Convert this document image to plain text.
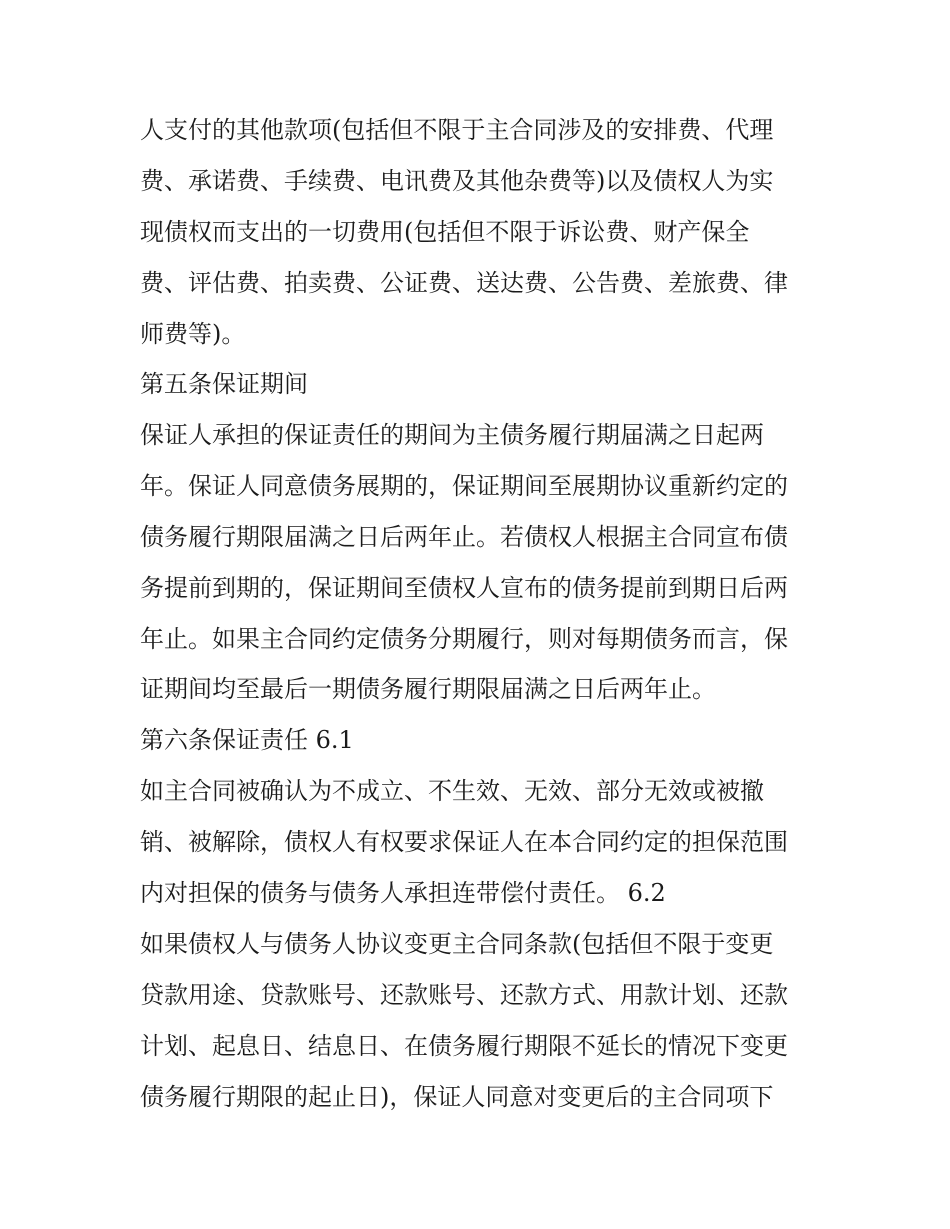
人支付的其他款项(包括但不限于主合同涉及的安排费、代理
费、承诺费、手续费、电讯费及其他杂费等)以及债权人为实
现债权而支出的一切费用(包括但不限于诉讼费、财产保全
费、评估费、拍卖费、公证费、送达费、公告费、差旅费、律
师费等)。
第五条保证期间
保证人承担的保证责任的期间为主债务履行期届满之日起两
年。保证人同意债务展期的，保证期间至展期协议重新约定的
债务履行期限届满之日后两年止。若债权人根据主合同宣布债
务提前到期的，保证期间至债权人宣布的债务提前到期日后两
年止。如果主合同约定债务分期履行，则对每期债务而言，保
证期间均至最后一期债务履行期限届满之日后两年止。
第六条保证责任 6.1
如主合同被确认为不成立、不生效、无效、部分无效或被撤
销、被解除，债权人有权要求保证人在本合同约定的担保范围
内对担保的债务与债务人承担连带偿付责任。 6.2
如果债权人与债务人协议变更主合同条款(包括但不限于变更
贷款用途、贷款账号、还款账号、还款方式、用款计划、还款
计划、起息日、结息日、在债务履行期限不延长的情况下变更
债务履行期限的起止日)，保证人同意对变更后的主合同项下
